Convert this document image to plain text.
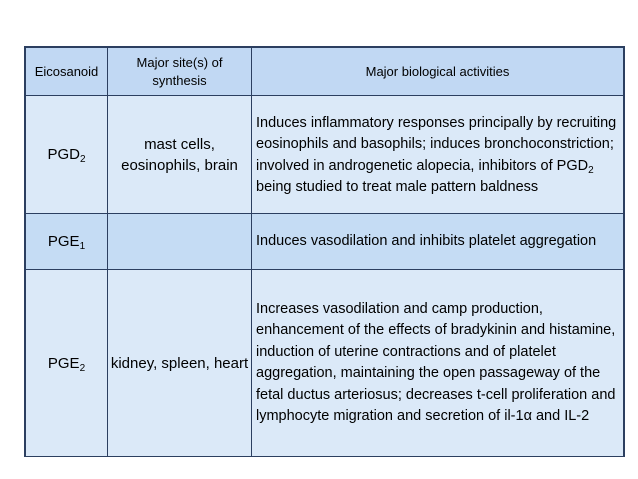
Eicosanoid	Major site(s) of synthesis	Major biological activities
$PGD_2$	mast cells, eosinophils, brain	Induces inflammatory responses principally by recruiting eosinophils and basophils; induces bronchoconstriction; involved in androgenetic alopecia, inhibitors of $PGD_2$ being studied to treat male pattern baldness
$PGE_1$		Induces vasodilation and inhibits platelet aggregation
$PGE_2$	kidney, spleen, heart	Increases vasodilation and camp production, enhancement of the effects of bradykinin and histamine, induction of uterine contractions and of platelet aggregation, maintaining the open passageway of the fetal ductus arteriosus; decreases t-cell proliferation and lymphocyte migration and secretion of il-1α and IL-2
